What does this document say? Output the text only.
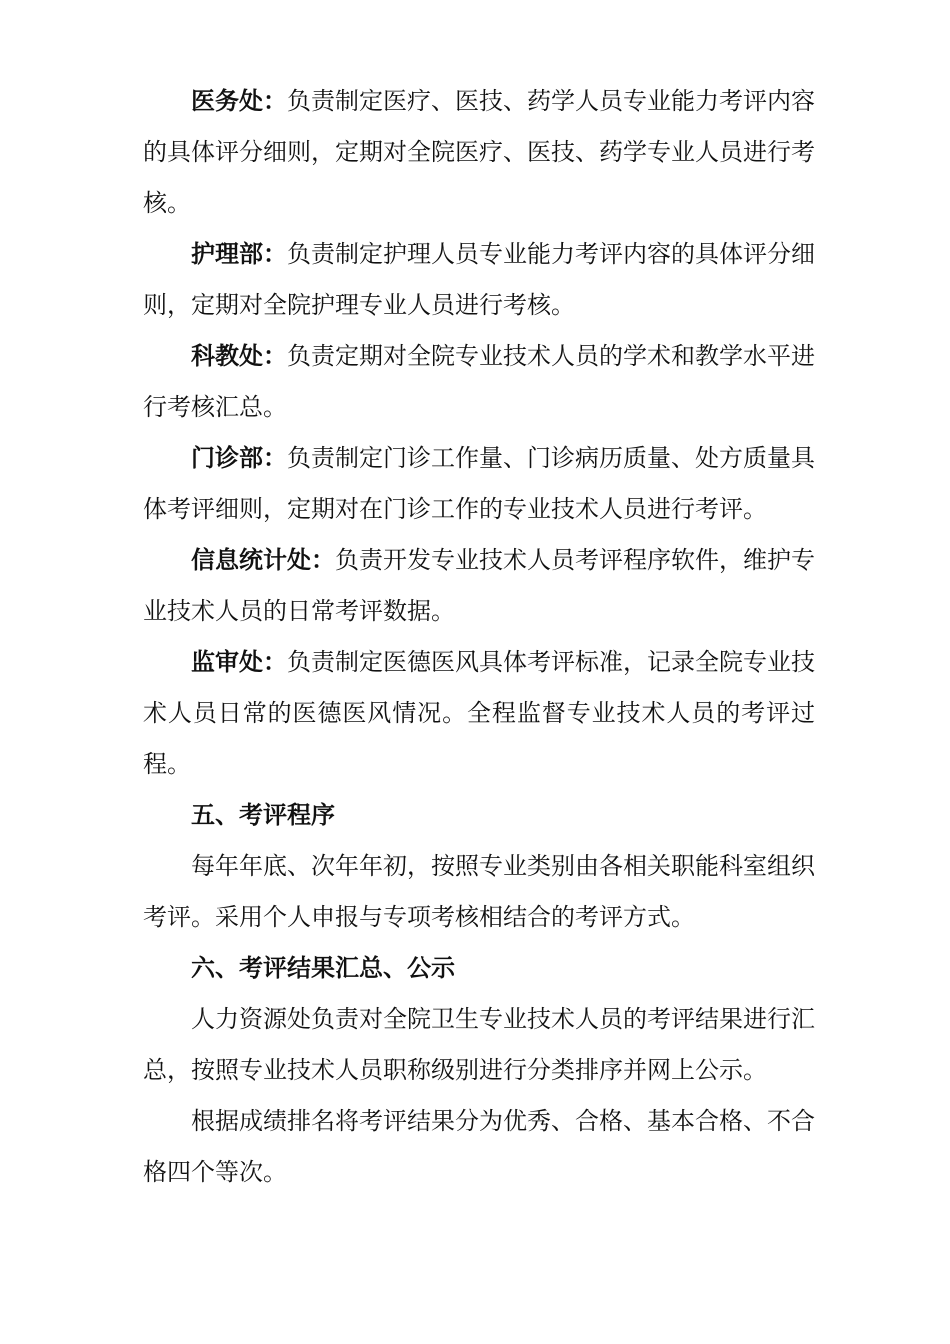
医务处：负责制定医疗、医技、药学人员专业能力考评内容的具体评分细则，定期对全院医疗、医技、药学专业人员进行考核。

护理部：负责制定护理人员专业能力考评内容的具体评分细则，定期对全院护理专业人员进行考核。

科教处：负责定期对全院专业技术人员的学术和教学水平进行考核汇总。

门诊部：负责制定门诊工作量、门诊病历质量、处方质量具体考评细则，定期对在门诊工作的专业技术人员进行考评。

信息统计处：负责开发专业技术人员考评程序软件，维护专业技术人员的日常考评数据。

监审处：负责制定医德医风具体考评标准，记录全院专业技术人员日常的医德医风情况。全程监督专业技术人员的考评过程。

五、考评程序

每年年底、次年年初，按照专业类别由各相关职能科室组织考评。采用个人申报与专项考核相结合的考评方式。

六、考评结果汇总、公示

人力资源处负责对全院卫生专业技术人员的考评结果进行汇总，按照专业技术人员职称级别进行分类排序并网上公示。

根据成绩排名将考评结果分为优秀、合格、基本合格、不合格四个等次。
